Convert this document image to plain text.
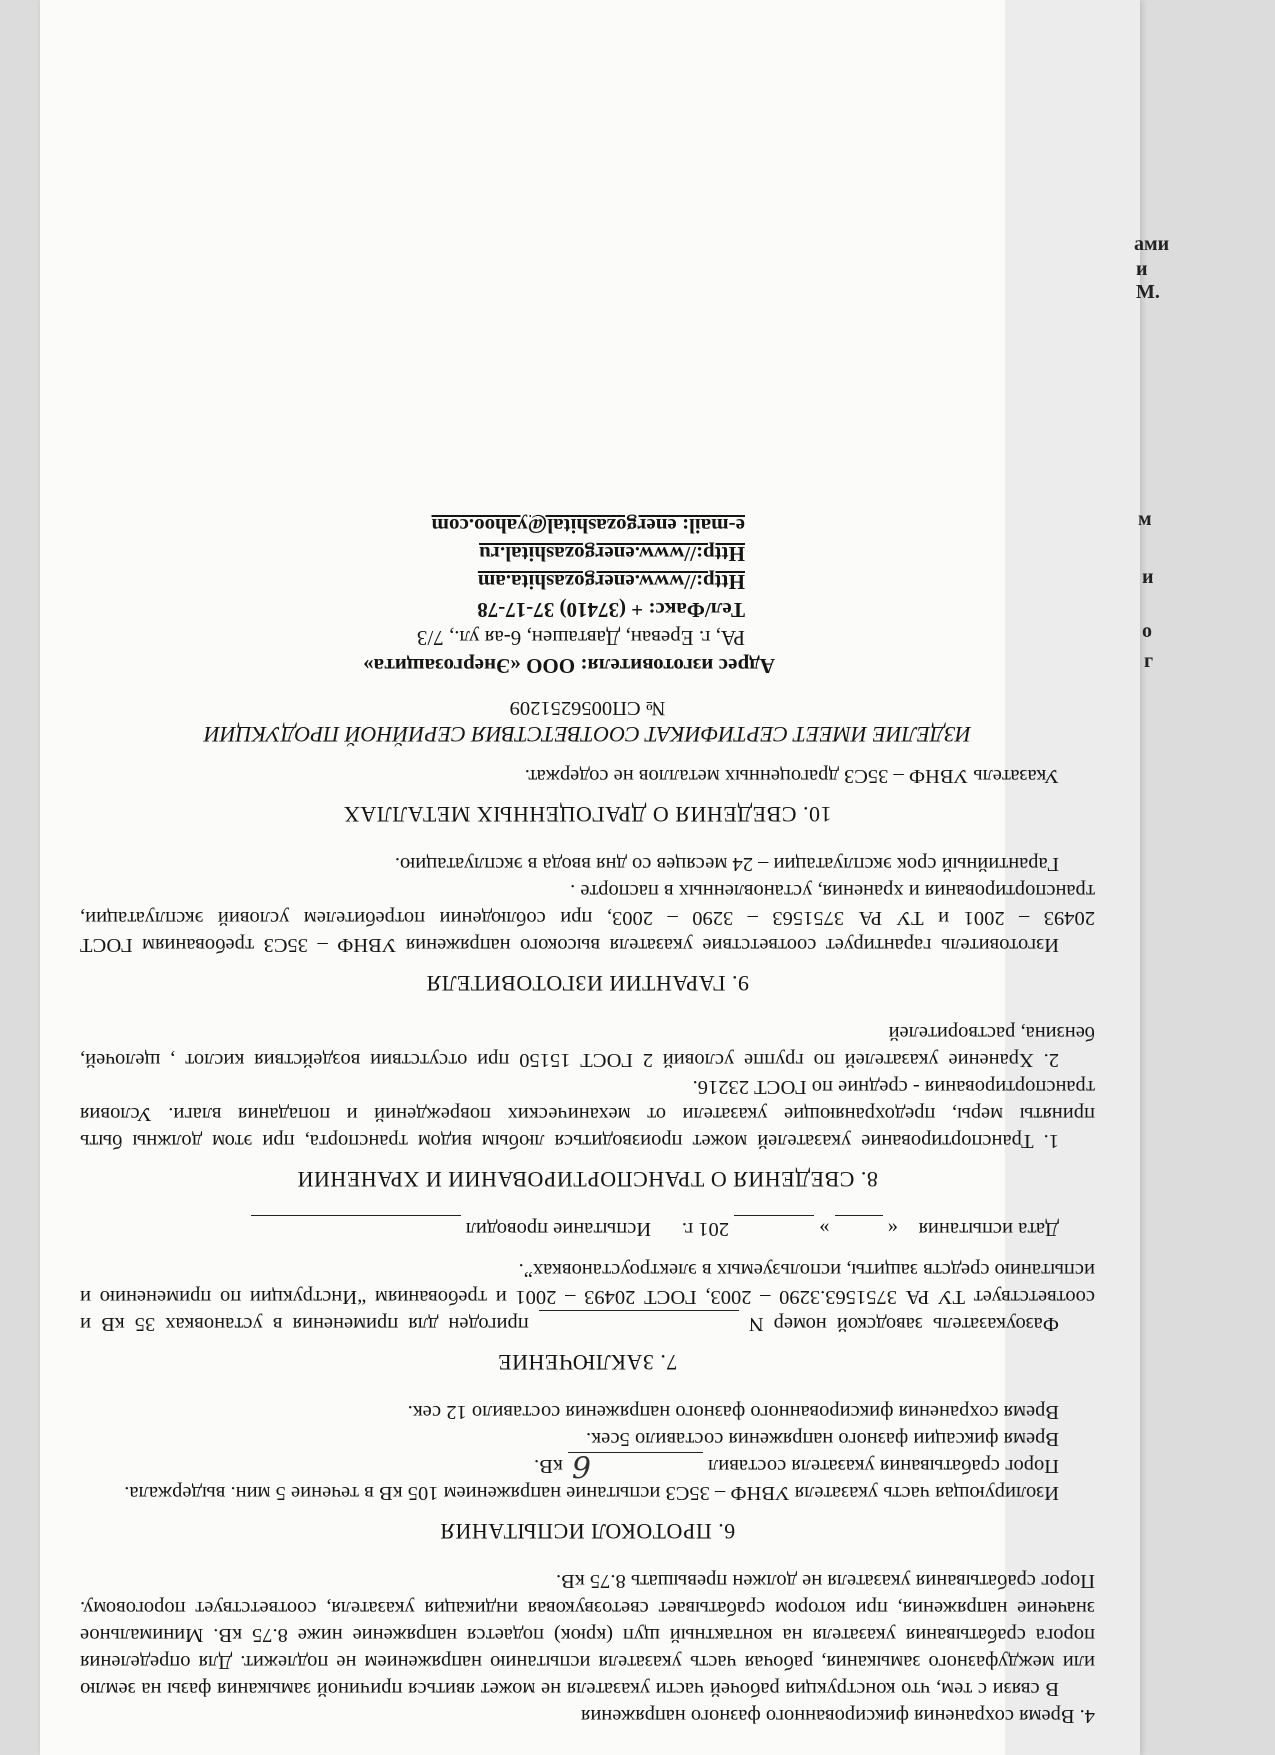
ами
и М.
м
и
о
г

4. Время сохранения фиксированного фазного напряжения

В связи с тем, что конструкция рабочей части указателя не может явиться причиной замыкания фазы на землю или междуфазного замыкания, рабочая часть указателя испытанию напряжением не подлежит. Для определения порога срабатывания указателя на контактный щуп (крюк) подается напряжение ниже 8.75 кВ. Минимальное значение напряжения, при котором срабатывает светозвуковая индикация указателя, соответствует пороговому. Порог срабатывания указателя не должен превышать 8.75 кВ.

6. ПРОТОКОЛ ИСПЫТАНИЯ

Изолирующая часть указателя УВНФ – 35СЗ испытание напряжением 105 кВ в течение 5 мин. выдержала.

Порог срабатывания указателя составил 6 кВ.

Время фиксации фазного напряжения составило 5сек.

Время сохранения фиксированного фазного напряжения составило 12 сек.

7. ЗАКЛЮЧЕНИЕ

Фазоуказатель заводской номер N  пригоден для применения в установках 35 кВ и соответствует ТУ РА 3751563.3290 – 2003, ГОСТ 20493 – 2001 и требованиям “Инструкции по применению и испытанию средств защиты, используемых в электроустановках”.

Дата испытания    «  »  201 г.      Испытание проводил

8. СВЕДЕНИЯ О ТРАНСПОРТИРОВАНИИ И ХРАНЕНИИ

1. Транспортирование указателей может производиться любым видом транспорта, при этом должны быть приняты меры, предохраняющие указатели от механических повреждений и попадания влаги. Условия транспортирования - средние по ГОСТ 23216.

2. Хранение указателей по группе условий 2 ГОСТ 15150 при отсутствии воздействия кислот , щелочей, бензина, растворителей

9. ГАРАНТИИ ИЗГОТОВИТЕЛЯ

Изготовитель гарантирует соответствие указателя высокого напряжения УВНФ – 35СЗ требованиям ГОСТ 20493 – 2001 и ТУ РА 3751563 – 3290 – 2003, при соблюдении потребителем условий эксплуатации, транспортирования и хранения, установленных в паспорте .

Гарантийный срок эксплуатации – 24 месяцев со дня ввода в эксплуатацию.

10. СВЕДЕНИЯ О ДРАГОЦЕННЫХ МЕТАЛЛАХ

Указатель УВНФ – 35СЗ драгоценных металлов не содержат.

ИЗДЕЛИЕ ИМЕЕТ СЕРТИФИКАТ СООТВЕТСТВИЯ СЕРИЙНОЙ ПРОДУКЦИИ

№ СП0056251209

Адрес изготовителя: ООО «Энергозащита»

РА, г. Ереван, Давташен, 6-ая ул., 7/3

Тел/Факс: + (37410) 37-17-78

Http://www.energozashita.am

Http://www.energozashital.ru

e-mail: energozashital@yahoo.com
